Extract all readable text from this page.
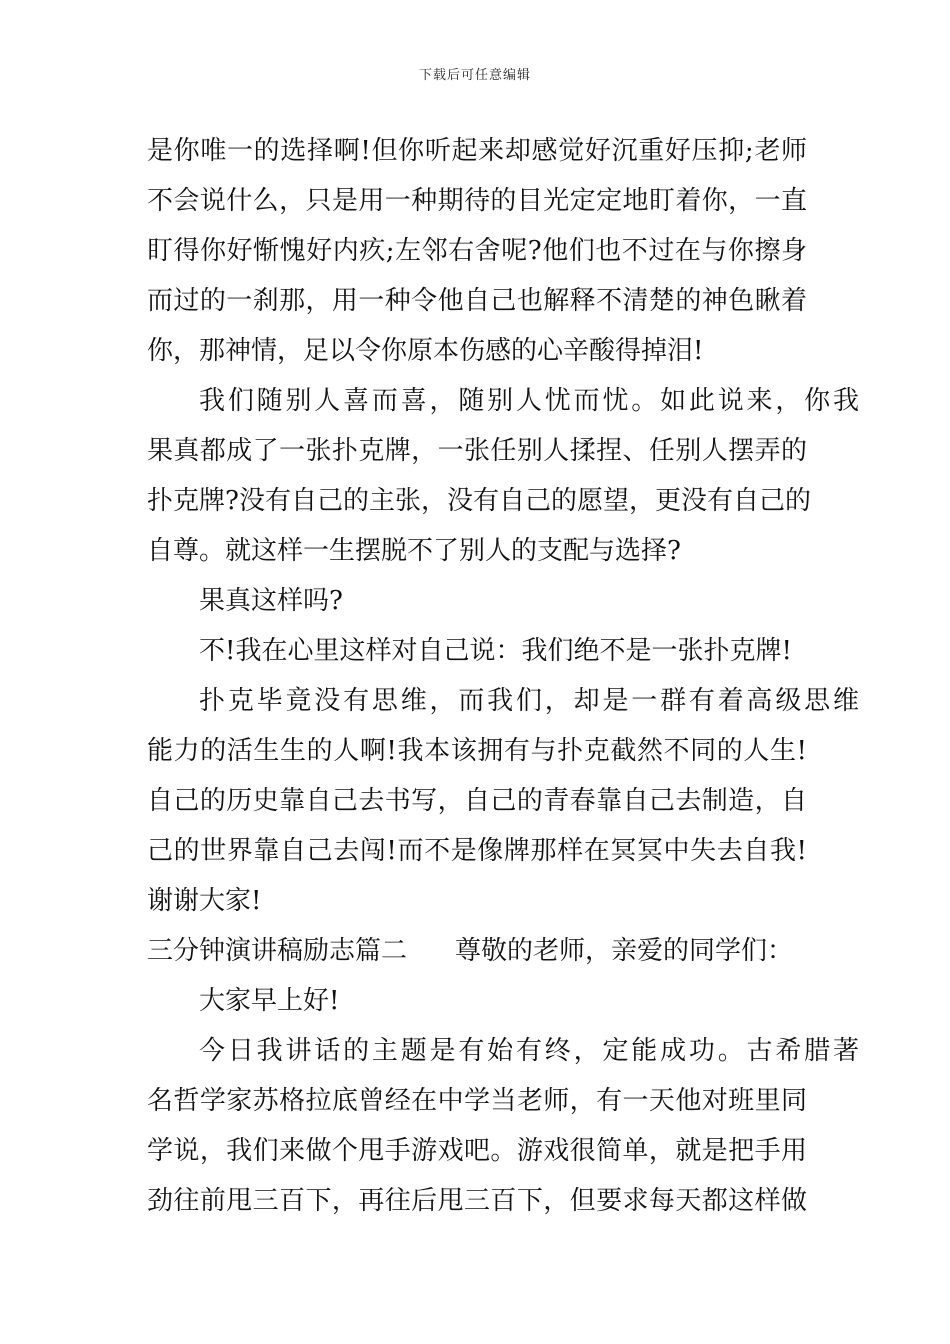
下载后可任意编辑
是你唯一的选择啊!但你听起来却感觉好沉重好压抑;老师
不会说什么，只是用一种期待的目光定定地盯着你，一直
盯得你好惭愧好内疚;左邻右舍呢?他们也不过在与你擦身
而过的一刹那，用一种令他自己也解释不清楚的神色瞅着
你，那神情，足以令你原本伤感的心辛酸得掉泪!
我们随别人喜而喜，随别人忧而忧。如此说来，你我
果真都成了一张扑克牌，一张任别人揉捏、任别人摆弄的
扑克牌?没有自己的主张，没有自己的愿望，更没有自己的
自尊。就这样一生摆脱不了别人的支配与选择?
果真这样吗?
不!我在心里这样对自己说：我们绝不是一张扑克牌!
扑克毕竟没有思维，而我们，却是一群有着高级思维
能力的活生生的人啊!我本该拥有与扑克截然不同的人生!
自己的历史靠自己去书写，自己的青春靠自己去制造，自
己的世界靠自己去闯!而不是像牌那样在冥冥中失去自我!
谢谢大家!
三分钟演讲稿励志篇二 尊敬的老师，亲爱的同学们：
大家早上好!
今日我讲话的主题是有始有终，定能成功。古希腊著
名哲学家苏格拉底曾经在中学当老师，有一天他对班里同
学说，我们来做个甩手游戏吧。游戏很简单，就是把手用
劲往前甩三百下，再往后甩三百下，但要求每天都这样做
